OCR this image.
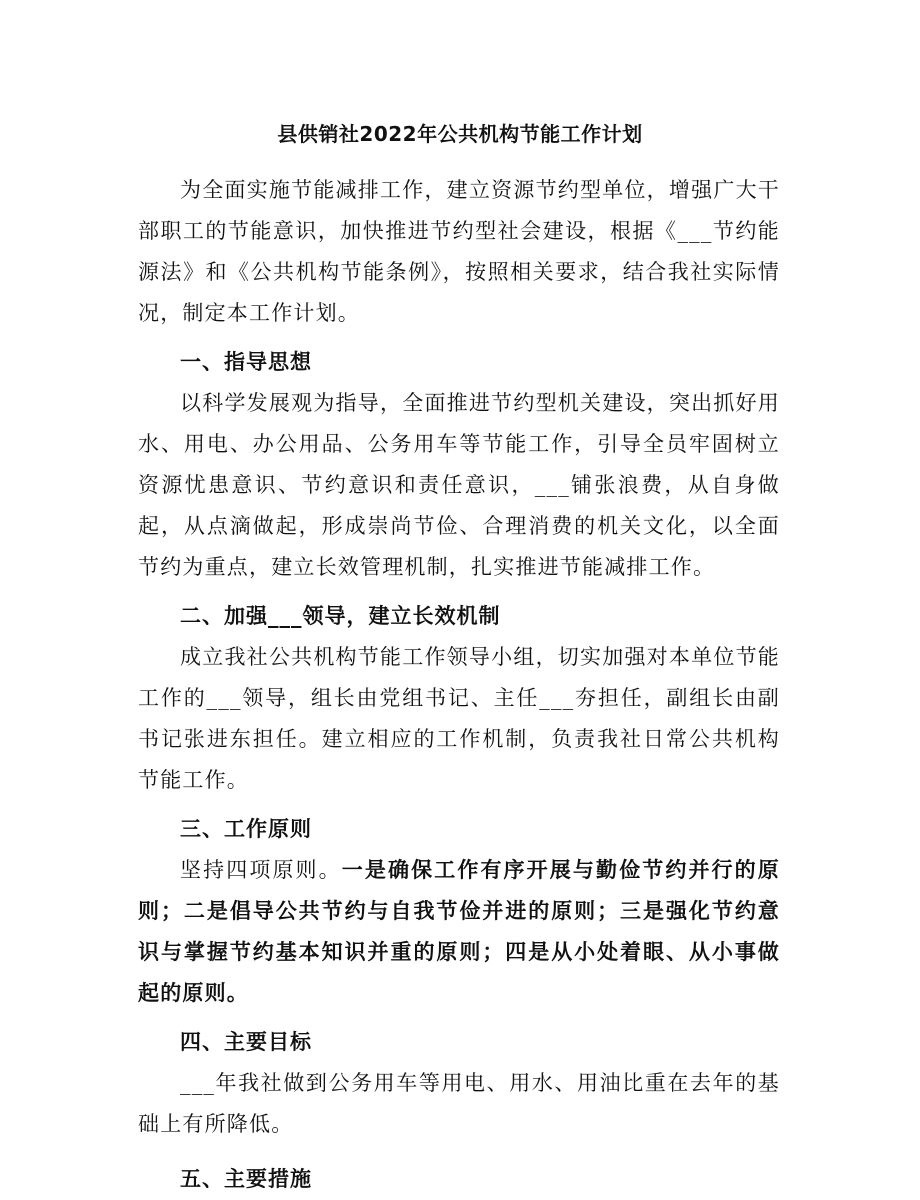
县供销社2022年公共机构节能工作计划

为全面实施节能减排工作，建立资源节约型单位，增强广大干部职工的节能意识，加快推进节约型社会建设，根据《___节约能源法》和《公共机构节能条例》，按照相关要求，结合我社实际情况，制定本工作计划。

一、指导思想

以科学发展观为指导，全面推进节约型机关建设，突出抓好用水、用电、办公用品、公务用车等节能工作，引导全员牢固树立资源忧患意识、节约意识和责任意识，___铺张浪费，从自身做起，从点滴做起，形成崇尚节俭、合理消费的机关文化，以全面节约为重点，建立长效管理机制，扎实推进节能减排工作。

二、加强___领导，建立长效机制

成立我社公共机构节能工作领导小组，切实加强对本单位节能工作的___领导，组长由党组书记、主任___夯担任，副组长由副书记张进东担任。建立相应的工作机制，负责我社日常公共机构节能工作。

三、工作原则

坚持四项原则。一是确保工作有序开展与勤俭节约并行的原则；二是倡导公共节约与自我节俭并进的原则；三是强化节约意识与掌握节约基本知识并重的原则；四是从小处着眼、从小事做起的原则。

四、主要目标

___年我社做到公务用车等用电、用水、用油比重在去年的基础上有所降低。

五、主要措施
